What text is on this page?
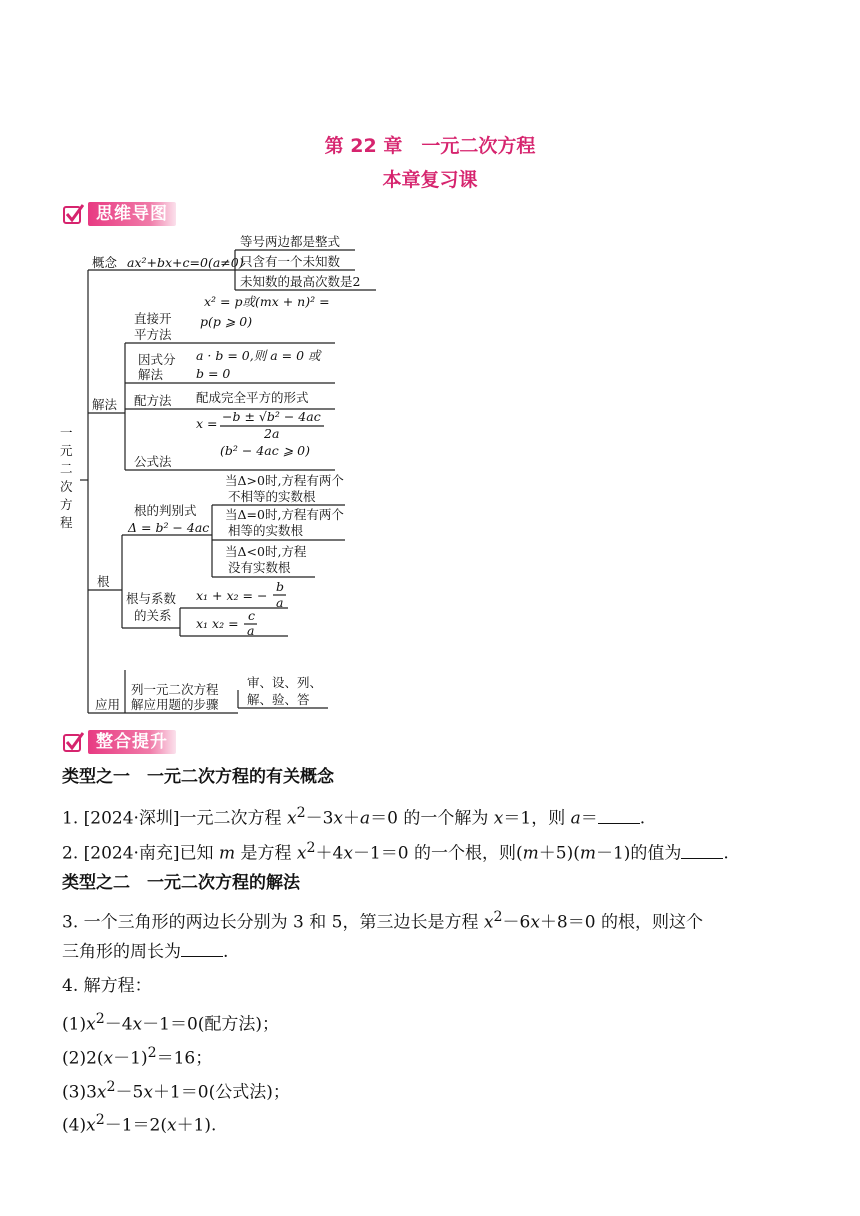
第 22 章　一元二次方程
本章复习课
思维导图
一
元
二
次
方
程
概念 ax²+bx+c=0(a≠0)
等号两边都是整式
只含有一个未知数
未知数的最高次数是2
解法
直接开
平方法
x² = p或(mx + n)² =
p(p ⩾ 0)
因式分
解法
a · b = 0,则 a = 0 或
b = 0
配方法 配成完全平方的形式
公式法
x = −b ± √b² − 4ac
2a
(b² − 4ac ⩾ 0)
根
根的判别式
Δ = b² − 4ac
当Δ>0时,方程有两个
不相等的实数根
当Δ=0时,方程有两个
相等的实数根
当Δ<0时,方程
没有实数根
根与系数
的关系
x₁ + x₂ = −
b
a
x₁ x₂ =
c
a
应用
列一元二次方程
解应用题的步骤
审、设、列、
解、验、答
整合提升
类型之一　一元二次方程的有关概念
1. [2024·深圳]一元二次方程 $x^2-3x+a=0$ 的一个解为 x＝1，则 a＝ .
2. [2024·南充]已知 m 是方程 $x^2+4x-1=0$ 的一个根，则(m＋5)(m－1)的值为 .
类型之二　一元二次方程的解法
3. 一个三角形的两边长分别为 3 和 5，第三边长是方程 $x^2-6x+8=0$ 的根，则这个
三角形的周长为 .
4. 解方程：
$(1)x^2-4x-1=0$(配方法)；
$(2)2(x-1)^2=16$；
$(3)3x^2-5x+1=0$(公式法)；
$(4)x^2-1=2(x+1)$.
